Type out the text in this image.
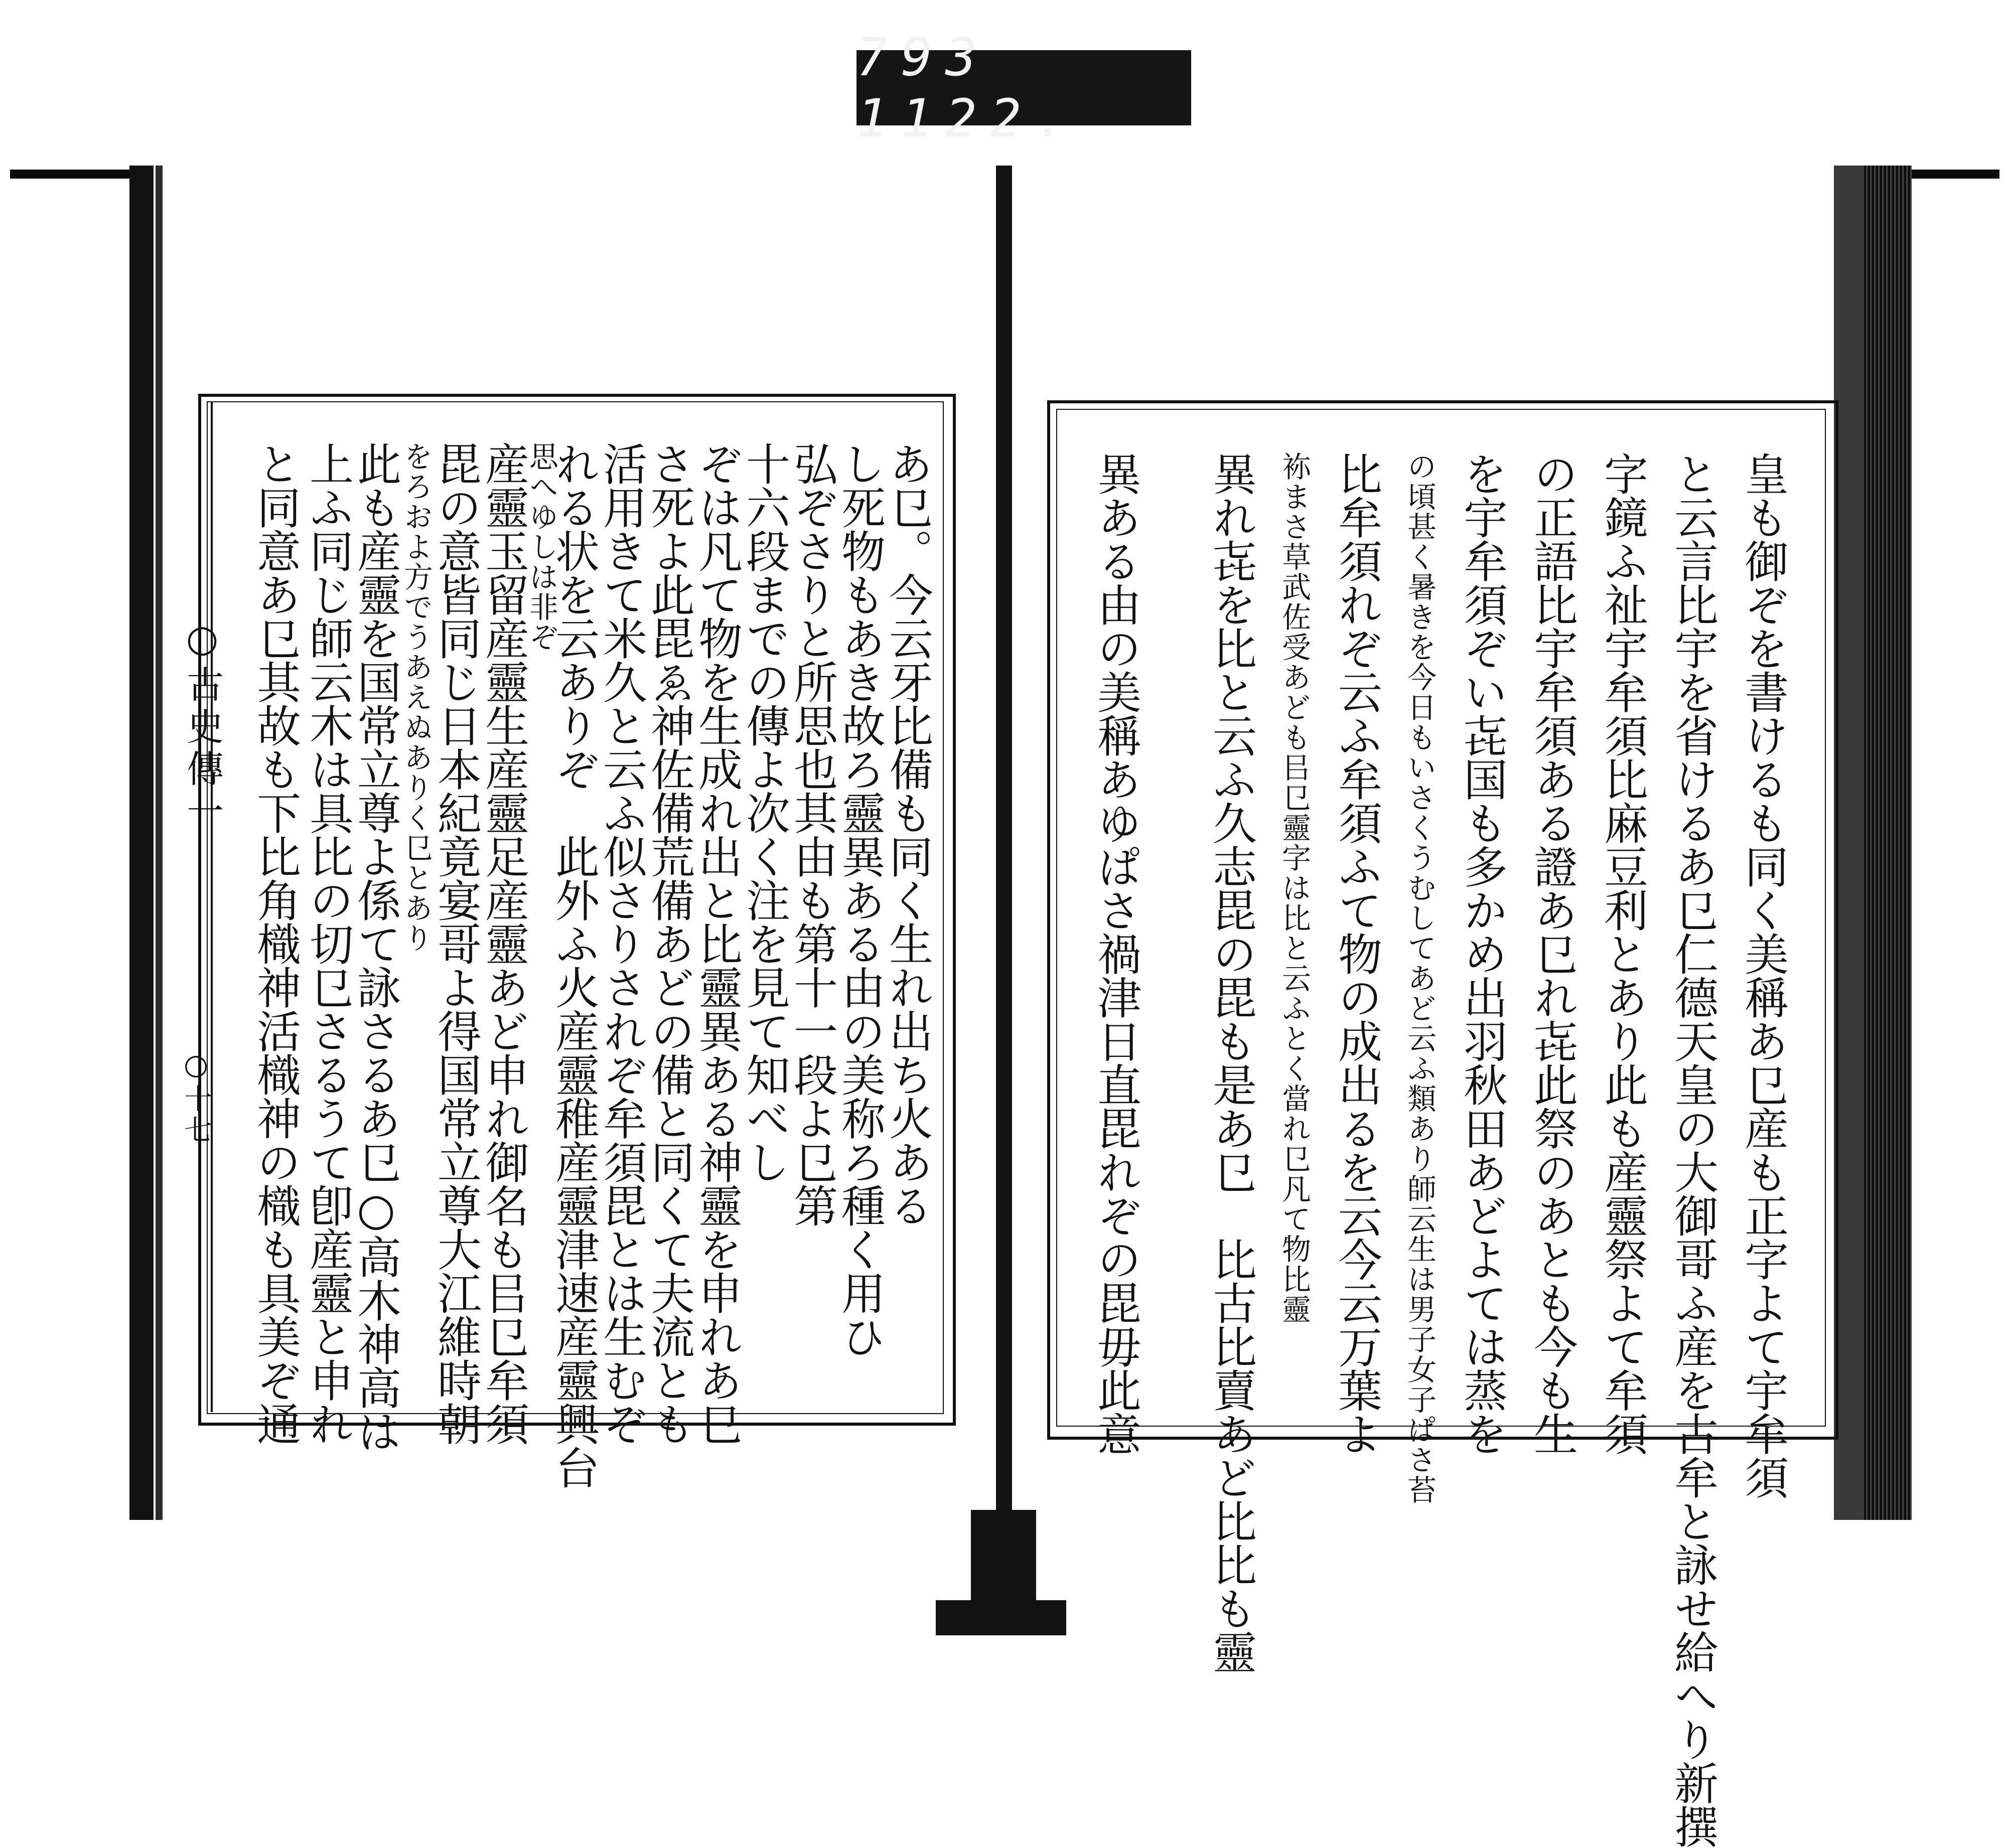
793 1122.
○古史傳一
○十七	あ㔾。今云牙比備も同く生れ出ち火ある
し死物もあき故ろ靈異ある由の美称ろ種く用ひ
弘ぞさりと所思也其由も第十一段よ㔾第
十六段までの傳よ次く注を見て知べし
ぞは凡て物を生成れ出と比靈異ある神靈を申れあ㔾
さ死よ此毘ゑ神佐備荒備あどの備と同くて夫流とも
活用きて米久と云ふ似さりされぞ牟須毘とは生むぞ
れる状を云ありぞ　此外ふ火産靈稚産靈津速産靈興台
思へゆしは非ぞ
産靈玉留産靈生産靈足産靈あど申れ御名も㠯㔾牟須
毘の意皆同じ日本紀竟宴哥よ得国常立尊大江維時朝
をろおよ方でうあえぬありく㔾とあり
此も産靈を国常立尊よ係て詠さるあ㔾○高木神高は
上ふ同じ師云木は具比の切㔾さるうて卽産靈と申れ
と同意あ㔾其故も下比角樴神活樴神の樴も具美ぞ通	皇も御ぞを書けるも同く美稱あ㔾産も正字よて宇牟須
と云言比宇を省けるあ㔾仁德天皇の大御哥ふ産を古牟と詠せ給へり新撰
字鏡ふ祉宇牟須比麻豆利とあり此も産靈祭よて牟須
の正語比宇牟須ある證あ㔾れ㐂此祭のあとも今も生
を宇牟須ぞい㐂国も多かめ出羽秋田あどよては蒸を
の頃甚く暑きを今日もいさくうむしてあど云ふ類あり師云生は男子女子ぱさ苔
比牟須れぞ云ふ牟須ふて物の成出るを云今云万葉よ
袮まさ草武佐受あども㠯㔾靈字は比と云ふとく當れ㔾凡て物比靈
異れ㐂を比と云ふ久志毘の毘も是あ㔾　比古比賣あど比比も靈
異ある由の美稱あゆぱさ禍津日直毘れぞの毘毋此意
